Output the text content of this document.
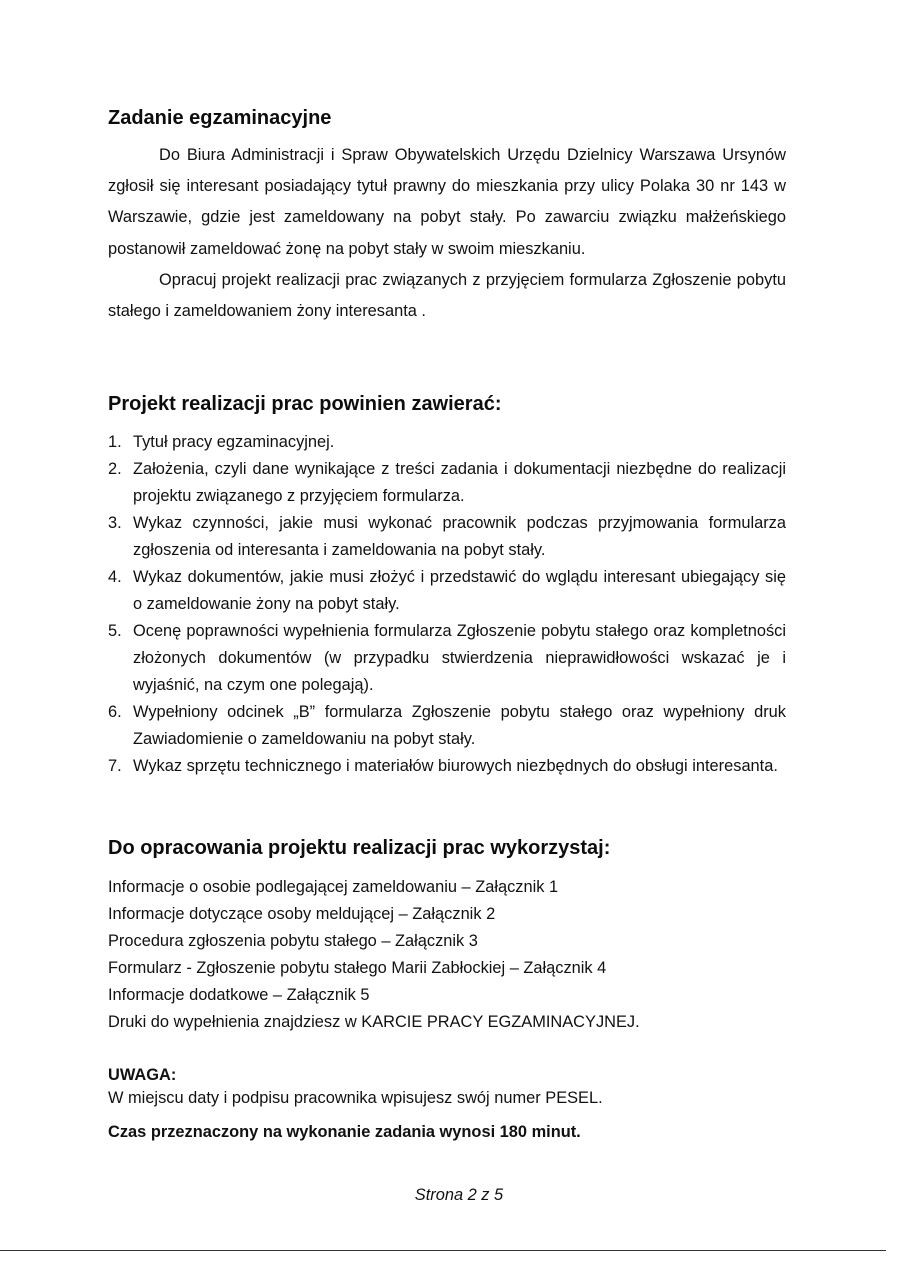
Zadanie egzaminacyjne

Do Biura Administracji i Spraw Obywatelskich Urzędu Dzielnicy Warszawa Ursynów zgłosił się interesant posiadający tytuł prawny do mieszkania przy ulicy Polaka 30 nr 143 w Warszawie, gdzie jest zameldowany na pobyt stały. Po zawarciu związku małżeńskiego postanowił zameldować żonę na pobyt stały w swoim mieszkaniu.

Opracuj projekt realizacji prac związanych z przyjęciem formularza Zgłoszenie pobytu stałego i zameldowaniem żony interesanta .

Projekt realizacji prac powinien zawierać:
1. Tytuł pracy egzaminacyjnej.
2. Założenia, czyli dane wynikające z treści zadania i dokumentacji niezbędne do realizacji projektu związanego z przyjęciem formularza.
3. Wykaz czynności, jakie musi wykonać pracownik podczas przyjmowania formularza zgłoszenia od interesanta i zameldowania na pobyt stały.
4. Wykaz dokumentów, jakie musi złożyć i przedstawić do wglądu interesant ubiegający się o zameldowanie żony na pobyt stały.
5. Ocenę poprawności wypełnienia formularza Zgłoszenie pobytu stałego oraz kompletności złożonych dokumentów (w przypadku stwierdzenia nieprawidłowości wskazać je i wyjaśnić, na czym one polegają).
6. Wypełniony odcinek „B” formularza Zgłoszenie pobytu stałego oraz wypełniony druk Zawiadomienie o zameldowaniu na pobyt stały.
7. Wykaz sprzętu technicznego i materiałów biurowych niezbędnych do obsługi interesanta.
Do opracowania projektu realizacji prac wykorzystaj:
Informacje o osobie podlegającej zameldowaniu – Załącznik 1
Informacje dotyczące osoby meldującej – Załącznik 2
Procedura zgłoszenia pobytu stałego – Załącznik 3
Formularz - Zgłoszenie pobytu stałego Marii Zabłockiej – Załącznik 4
Informacje dodatkowe – Załącznik 5
Druki do wypełnienia znajdziesz w KARCIE PRACY EGZAMINACYJNEJ.
UWAGA:
W miejscu daty i podpisu pracownika wpisujesz swój numer PESEL.
Czas przeznaczony na wykonanie zadania wynosi 180 minut.
Strona 2 z 5
